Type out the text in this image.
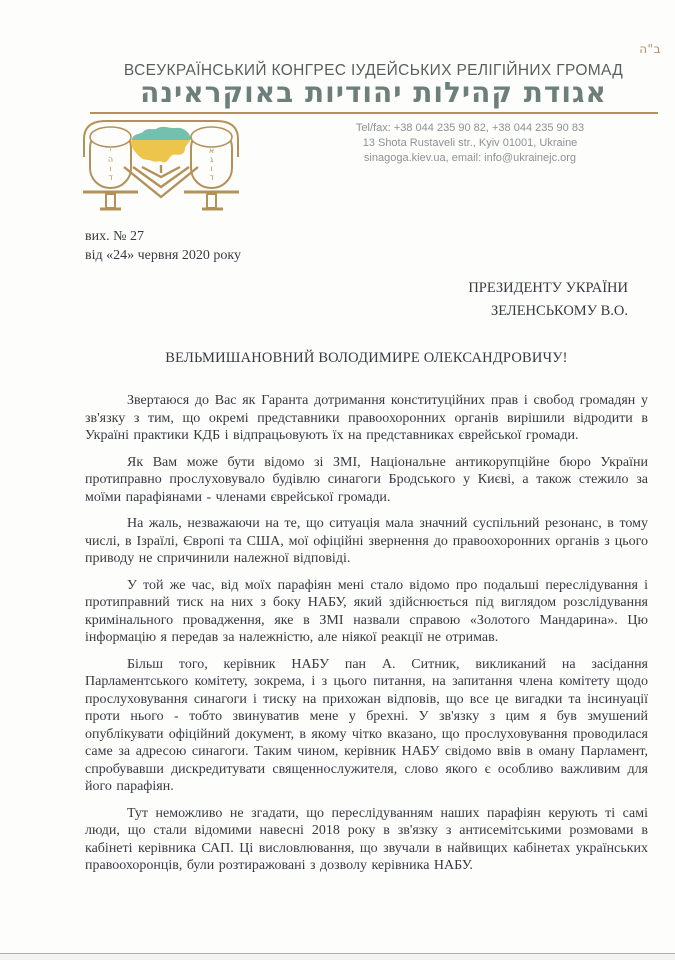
ב"ה
ВСЕУКРАЇНСЬКИЙ КОНГРЕС ІУДЕЙСЬКИХ РЕЛІГІЙНИХ ГРОМАД
אגודת קהילות יהודיות באוקראינה
י
ה
ו
ד
א
ג
ו
ד
Tel/fax: +38 044 235 90 82, +38 044 235 90 83
13 Shota Rustaveli str., Kyiv 01001, Ukraine
sinagoga.kiev.ua, email: info@ukrainejc.org
вих. № 27
від «24» червня 2020 року
ПРЕЗИДЕНТУ УКРАЇНИ
ЗЕЛЕНСЬКОМУ В.О.
ВЕЛЬМИШАНОВНИЙ ВОЛОДИМИРЕ ОЛЕКСАНДРОВИЧУ!

Звертаюся до Вас як Гаранта дотримання конституційних прав і свобод громадян у зв'язку з тим, що окремі представники правоохоронних органів вирішили відродити в Україні практики КДБ і відпрацьовують їх на представниках єврейської громади.

Як Вам може бути відомо зі ЗМІ, Національне антикорупційне бюро України протиправно прослуховувало будівлю синагоги Бродського у Києві, а також стежило за моїми парафіянами - членами єврейської громади.

На жаль, незважаючи на те, що ситуація мала значний суспільний резонанс, в тому числі, в Ізраїлі, Європі та США, мої офіційні звернення до правоохоронних органів з цього приводу не спричинили належної відповіді.

У той же час, від моїх парафіян мені стало відомо про подальші переслідування і протиправний тиск на них з боку НАБУ, який здійснюється під виглядом розслідування кримінального провадження, яке в ЗМІ назвали справою «Золотого Мандарина». Цю інформацію я передав за належністю, але ніякої реакції не отримав.

Більш того, керівник НАБУ пан А. Ситник, викликаний на засідання Парламентського комітету, зокрема, і з цього питання, на запитання члена комітету щодо прослуховування синагоги і тиску на прихожан відповів, що все це вигадки та інсинуації проти нього - тобто звинуватив мене у брехні. У зв'язку з цим я був змушений опублікувати офіційний документ, в якому чітко вказано, що прослуховування проводилася саме за адресою синагоги. Таким чином, керівник НАБУ свідомо ввів в оману Парламент, спробувавши дискредитувати священнослужителя, слово якого є особливо важливим для його парафіян.

Тут неможливо не згадати, що переслідуванням наших парафіян керують ті самі люди, що стали відомими навесні 2018 року в зв'язку з антисемітськими розмовами в кабінеті керівника САП. Ці висловлювання, що звучали в найвищих кабінетах українських правоохоронців, були розтиражовані з дозволу керівника НАБУ.
